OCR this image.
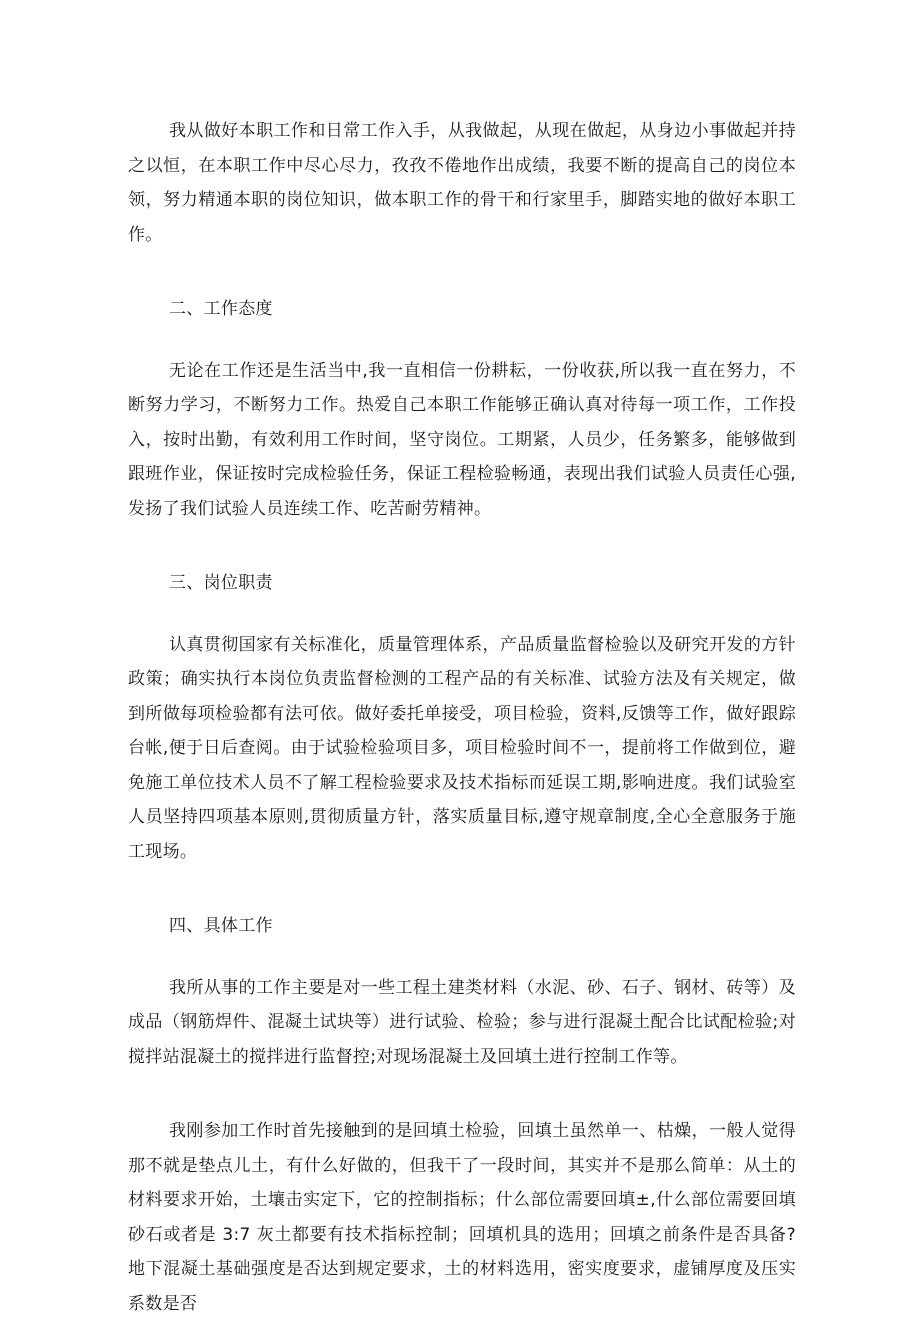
我从做好本职工作和日常工作入手，从我做起，从现在做起，从身边小事做起并持之以恒，在本职工作中尽心尽力，孜孜不倦地作出成绩，我要不断的提高自己的岗位本领，努力精通本职的岗位知识，做本职工作的骨干和行家里手，脚踏实地的做好本职工作。

二、工作态度

无论在工作还是生活当中,我一直相信一份耕耘，一份收获,所以我一直在努力，不断努力学习，不断努力工作。热爱自己本职工作能够正确认真对待每一项工作，工作投入，按时出勤，有效利用工作时间，坚守岗位。工期紧，人员少，任务繁多，能够做到跟班作业，保证按时完成检验任务，保证工程检验畅通，表现出我们试验人员责任心强,发扬了我们试验人员连续工作、吃苦耐劳精神。

三、岗位职责

认真贯彻国家有关标准化，质量管理体系，产品质量监督检验以及研究开发的方针政策；确实执行本岗位负责监督检测的工程产品的有关标准、试验方法及有关规定，做到所做每项检验都有法可依。做好委托单接受，项目检验，资料,反馈等工作，做好跟踪台帐,便于日后查阅。由于试验检验项目多，项目检验时间不一，提前将工作做到位，避免施工单位技术人员不了解工程检验要求及技术指标而延误工期,影响进度。我们试验室人员坚持四项基本原则,贯彻质量方针，落实质量目标,遵守规章制度,全心全意服务于施工现场。

四、具体工作

我所从事的工作主要是对一些工程土建类材料（水泥、砂、石子、钢材、砖等）及成品（钢筋焊件、混凝土试块等）进行试验、检验；参与进行混凝土配合比试配检验;对搅拌站混凝土的搅拌进行监督控;对现场混凝土及回填土进行控制工作等。

我刚参加工作时首先接触到的是回填土检验，回填土虽然单一、枯燥，一般人觉得那不就是垫点儿土，有什么好做的，但我干了一段时间，其实并不是那么简单：从土的材料要求开始，土壤击实定下，它的控制指标；什么部位需要回填±,什么部位需要回填砂石或者是 3:7 灰土都要有技术指标控制；回填机具的选用；回填之前条件是否具备?地下混凝土基础强度是否达到规定要求，土的材料选用，密实度要求，虚铺厚度及压实系数是否
